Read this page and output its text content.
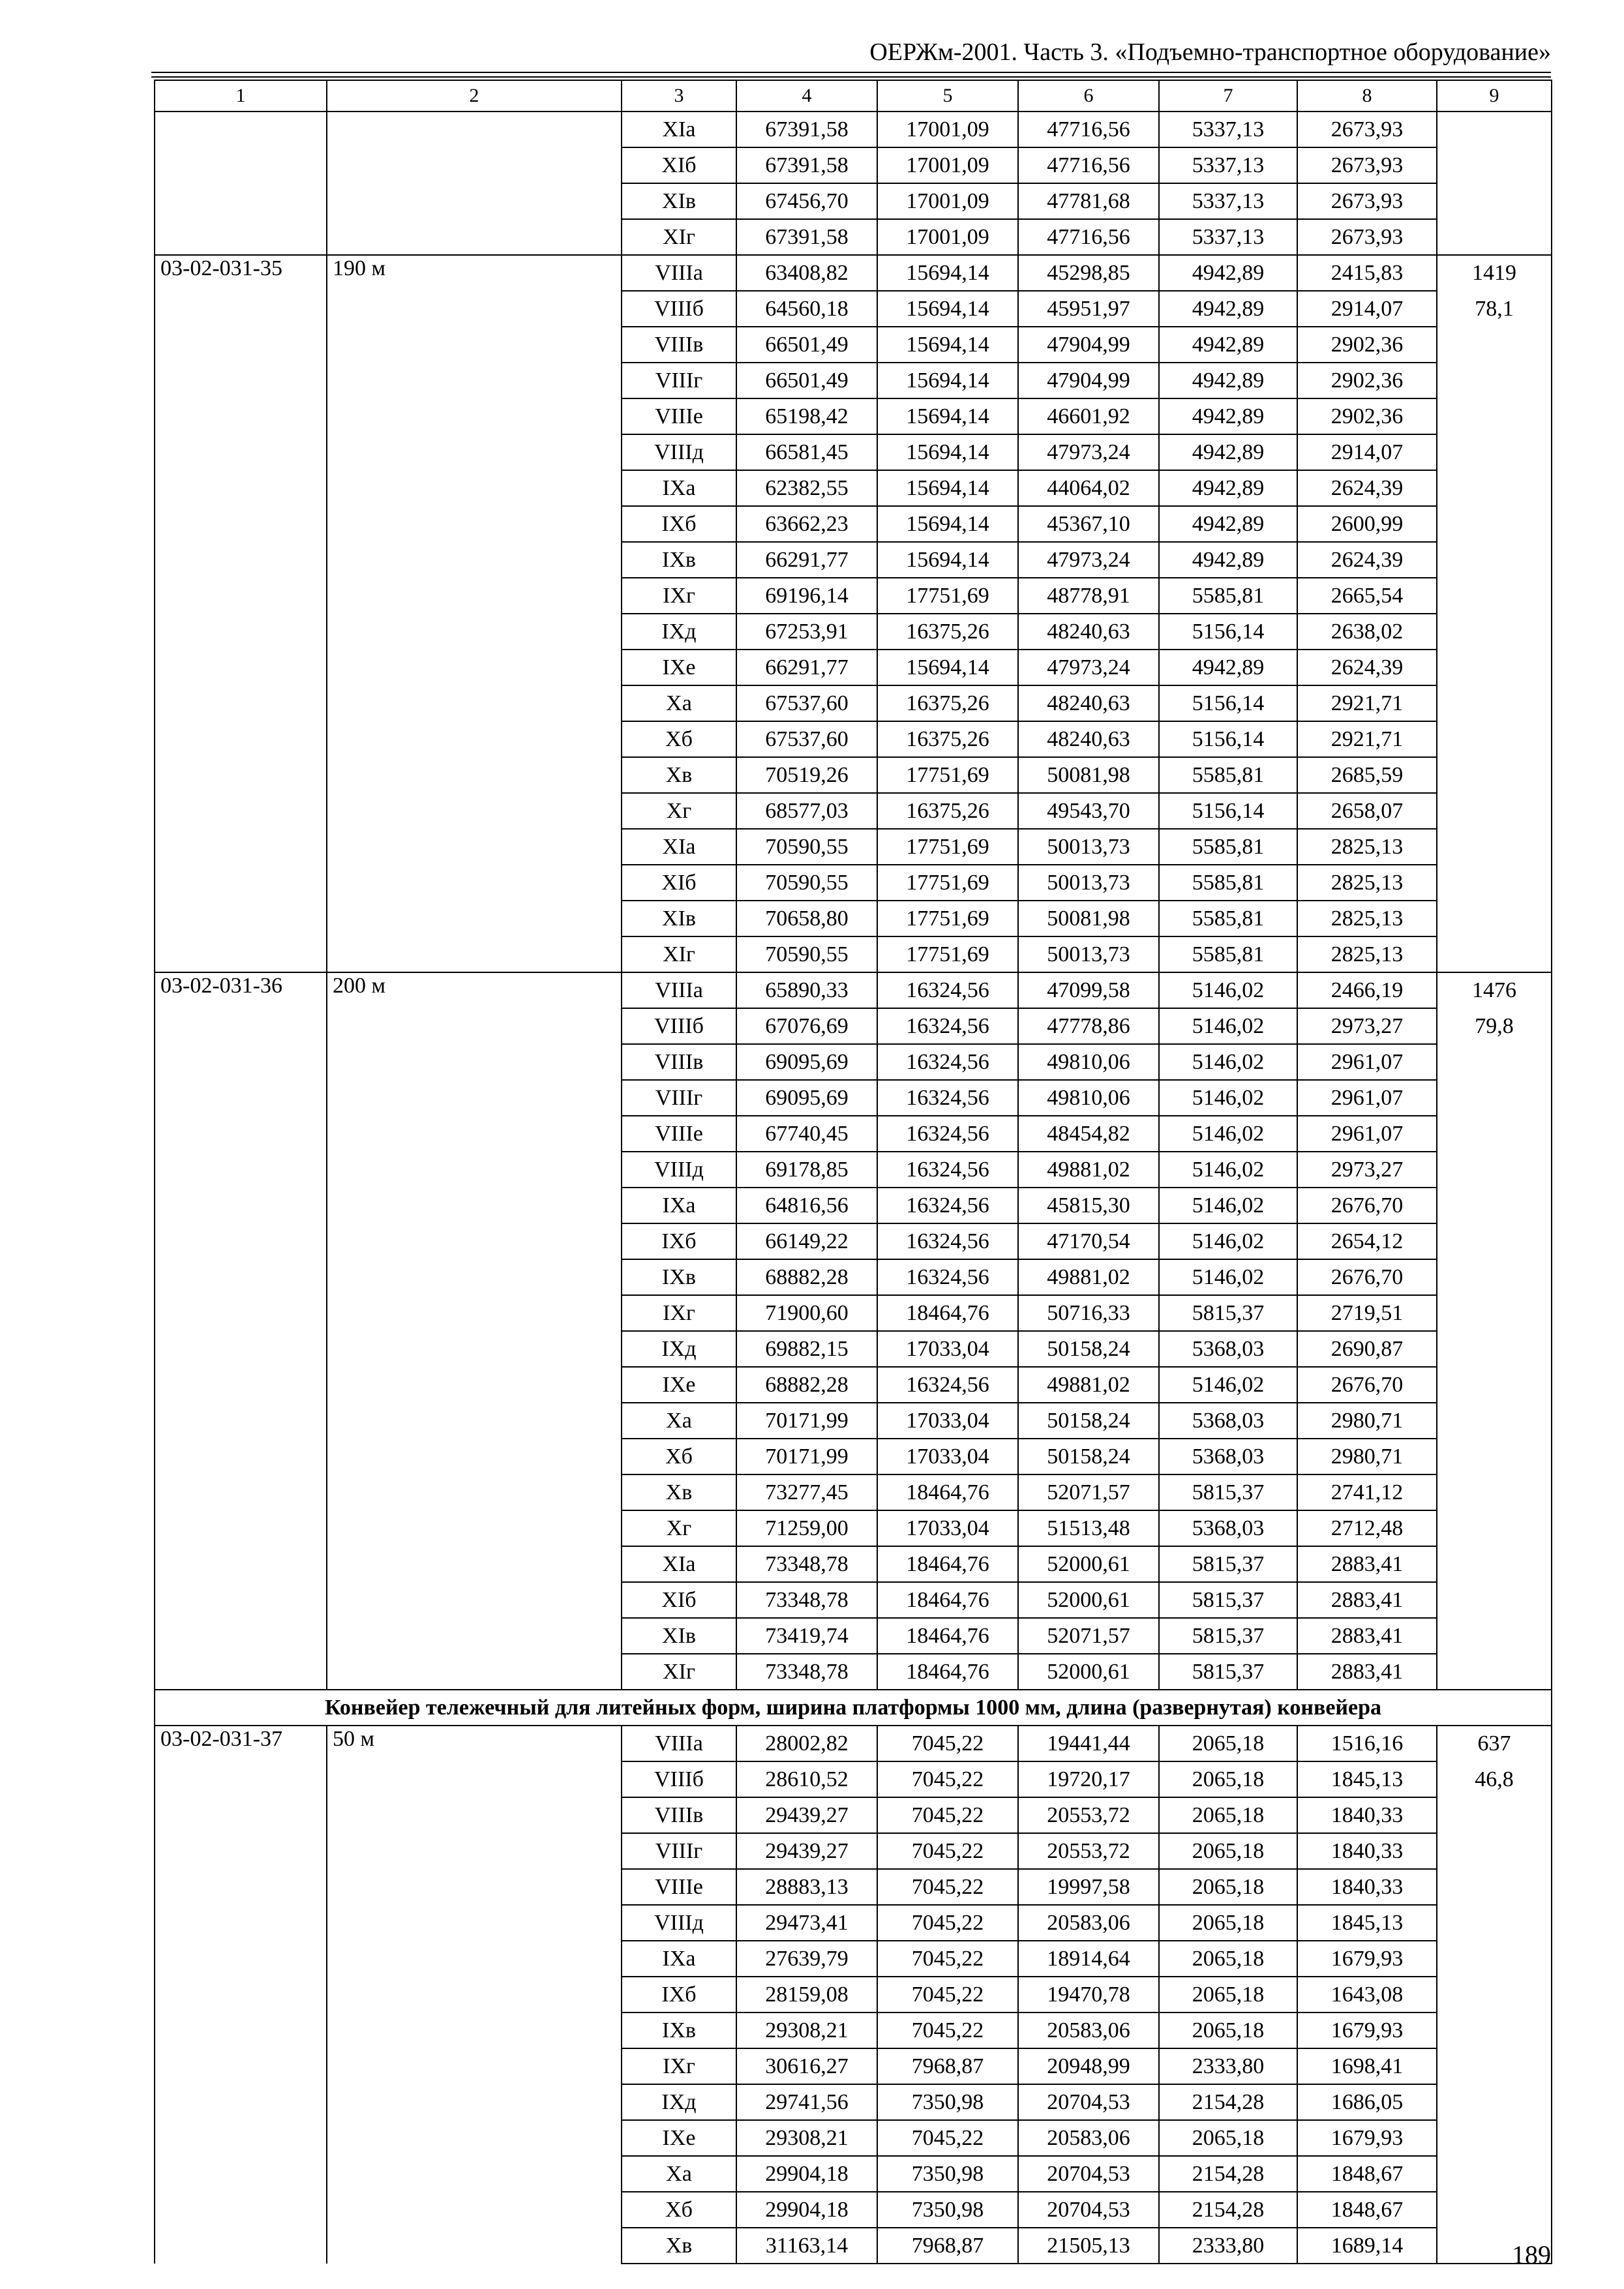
ОЕРЖм-2001. Часть 3. «Подъемно-транспортное оборудование»
1	2	3	4	5	6	7	8	9
		XIа	67391,58	17001,09	47716,56	5337,13	2673,93	
		XIб	67391,58	17001,09	47716,56	5337,13	2673,93	
		XIв	67456,70	17001,09	47781,68	5337,13	2673,93	
		XIг	67391,58	17001,09	47716,56	5337,13	2673,93	
03-02-031-35	190 м	VIIIа	63408,82	15694,14	45298,85	4942,89	2415,83	1419
		VIIIб	64560,18	15694,14	45951,97	4942,89	2914,07	78,1
		VIIIв	66501,49	15694,14	47904,99	4942,89	2902,36	
		VIIIг	66501,49	15694,14	47904,99	4942,89	2902,36	
		VIIIе	65198,42	15694,14	46601,92	4942,89	2902,36	
		VIIIд	66581,45	15694,14	47973,24	4942,89	2914,07	
		IXа	62382,55	15694,14	44064,02	4942,89	2624,39	
		IXб	63662,23	15694,14	45367,10	4942,89	2600,99	
		IXв	66291,77	15694,14	47973,24	4942,89	2624,39	
		IXг	69196,14	17751,69	48778,91	5585,81	2665,54	
		IXд	67253,91	16375,26	48240,63	5156,14	2638,02	
		IXе	66291,77	15694,14	47973,24	4942,89	2624,39	
		Xа	67537,60	16375,26	48240,63	5156,14	2921,71	
		Xб	67537,60	16375,26	48240,63	5156,14	2921,71	
		Xв	70519,26	17751,69	50081,98	5585,81	2685,59	
		Xг	68577,03	16375,26	49543,70	5156,14	2658,07	
		XIа	70590,55	17751,69	50013,73	5585,81	2825,13	
		XIб	70590,55	17751,69	50013,73	5585,81	2825,13	
		XIв	70658,80	17751,69	50081,98	5585,81	2825,13	
		XIг	70590,55	17751,69	50013,73	5585,81	2825,13	
03-02-031-36	200 м	VIIIа	65890,33	16324,56	47099,58	5146,02	2466,19	1476
		VIIIб	67076,69	16324,56	47778,86	5146,02	2973,27	79,8
		VIIIв	69095,69	16324,56	49810,06	5146,02	2961,07	
		VIIIг	69095,69	16324,56	49810,06	5146,02	2961,07	
		VIIIе	67740,45	16324,56	48454,82	5146,02	2961,07	
		VIIIд	69178,85	16324,56	49881,02	5146,02	2973,27	
		IXа	64816,56	16324,56	45815,30	5146,02	2676,70	
		IXб	66149,22	16324,56	47170,54	5146,02	2654,12	
		IXв	68882,28	16324,56	49881,02	5146,02	2676,70	
		IXг	71900,60	18464,76	50716,33	5815,37	2719,51	
		IXд	69882,15	17033,04	50158,24	5368,03	2690,87	
		IXе	68882,28	16324,56	49881,02	5146,02	2676,70	
		Xа	70171,99	17033,04	50158,24	5368,03	2980,71	
		Xб	70171,99	17033,04	50158,24	5368,03	2980,71	
		Xв	73277,45	18464,76	52071,57	5815,37	2741,12	
		Xг	71259,00	17033,04	51513,48	5368,03	2712,48	
		XIа	73348,78	18464,76	52000,61	5815,37	2883,41	
		XIб	73348,78	18464,76	52000,61	5815,37	2883,41	
		XIв	73419,74	18464,76	52071,57	5815,37	2883,41	
		XIг	73348,78	18464,76	52000,61	5815,37	2883,41	
Конвейер тележечный для литейных форм, ширина платформы 1000 мм, длина (развернутая) конвейера								
03-02-031-37	50 м	VIIIа	28002,82	7045,22	19441,44	2065,18	1516,16	637
		VIIIб	28610,52	7045,22	19720,17	2065,18	1845,13	46,8
		VIIIв	29439,27	7045,22	20553,72	2065,18	1840,33	
		VIIIг	29439,27	7045,22	20553,72	2065,18	1840,33	
		VIIIе	28883,13	7045,22	19997,58	2065,18	1840,33	
		VIIIд	29473,41	7045,22	20583,06	2065,18	1845,13	
		IXа	27639,79	7045,22	18914,64	2065,18	1679,93	
		IXб	28159,08	7045,22	19470,78	2065,18	1643,08	
		IXв	29308,21	7045,22	20583,06	2065,18	1679,93	
		IXг	30616,27	7968,87	20948,99	2333,80	1698,41	
		IXд	29741,56	7350,98	20704,53	2154,28	1686,05	
		IXе	29308,21	7045,22	20583,06	2065,18	1679,93	
		Xа	29904,18	7350,98	20704,53	2154,28	1848,67	
		Xб	29904,18	7350,98	20704,53	2154,28	1848,67	
		Xв	31163,14	7968,87	21505,13	2333,80	1689,14		189
